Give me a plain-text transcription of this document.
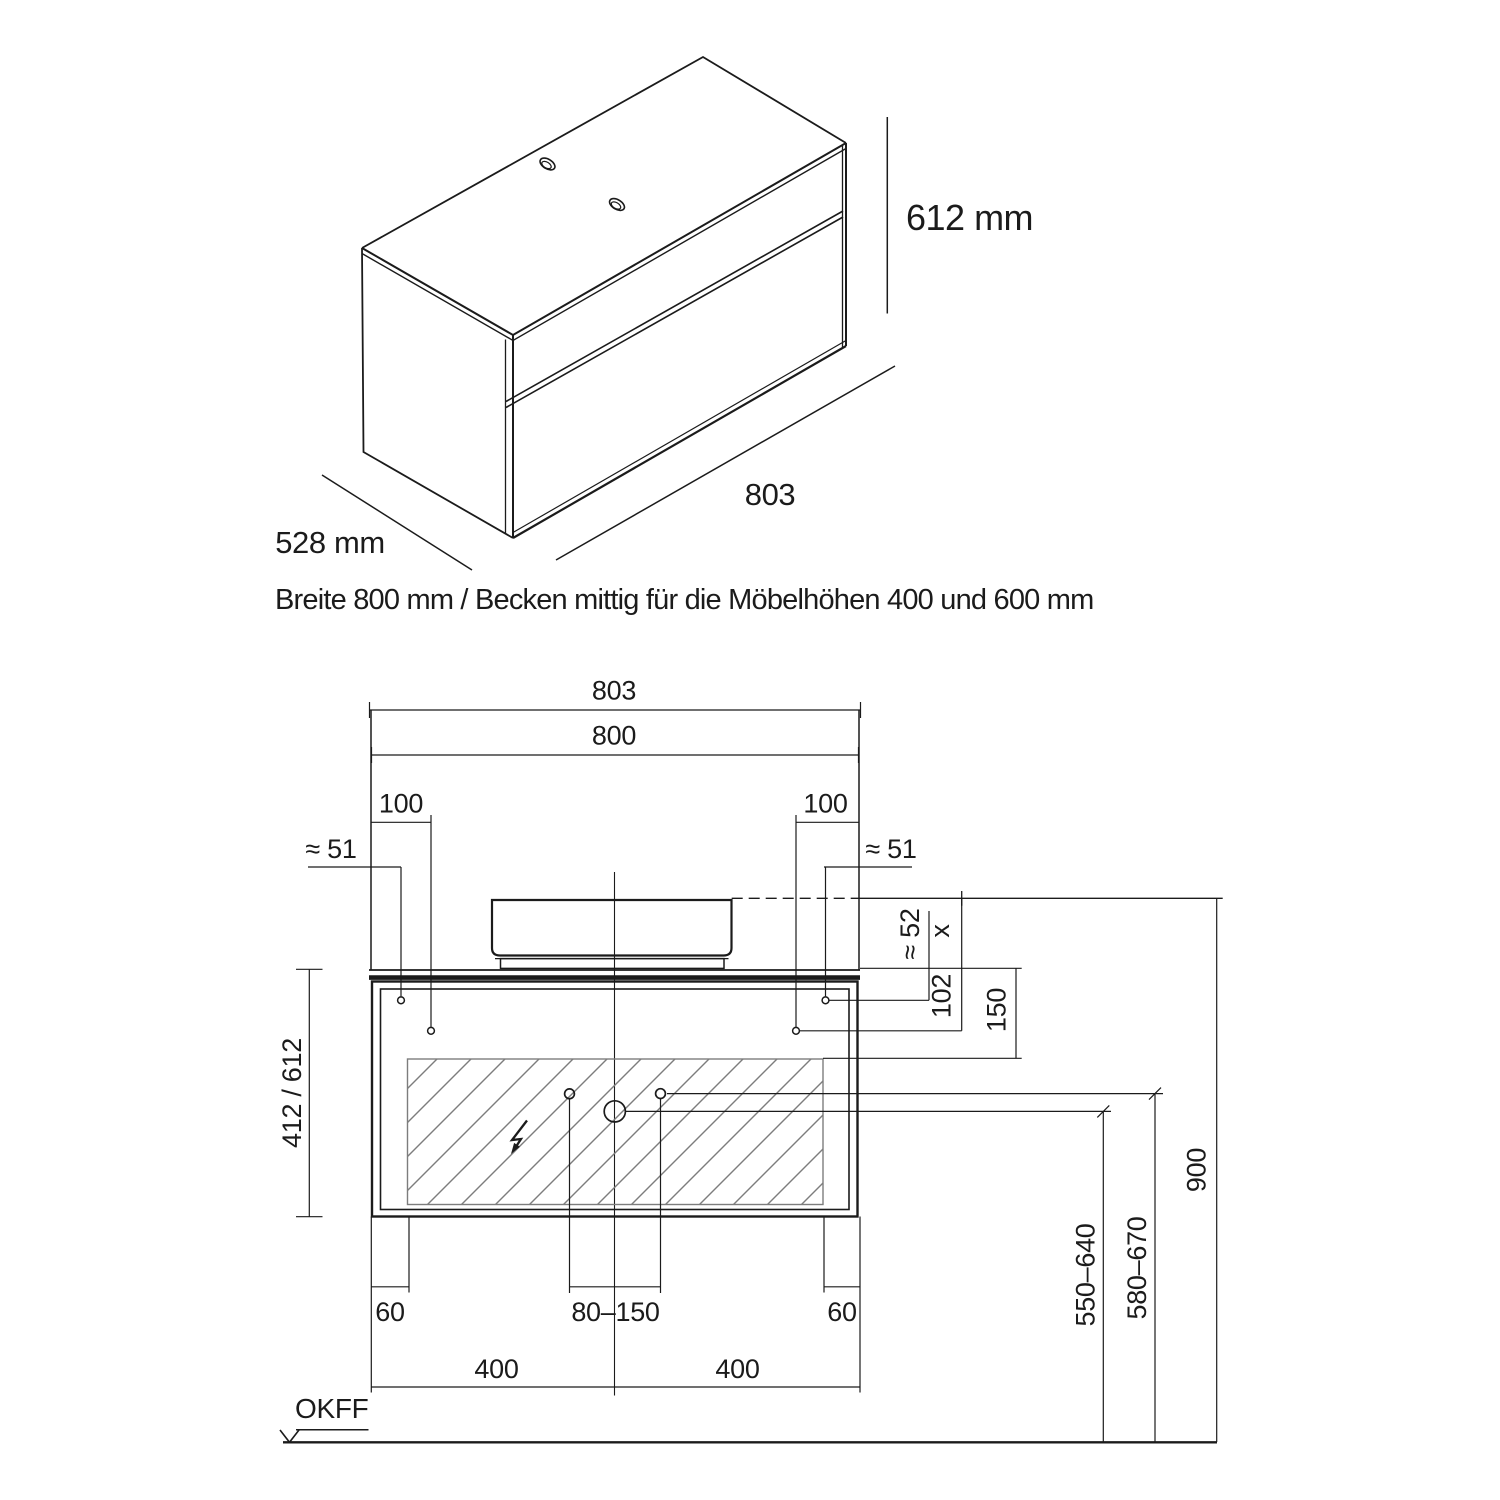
612 mm
803
528 mm
Breite 800 mm / Becken mittig für die Möbelhöhen 400 und 600 mm
803
800
100	100
≈ 51	≈ 51
≈ 52 x
102 150
412 / 612
550–640 580–670
900
60	80–150	60
400	400
OKFF
